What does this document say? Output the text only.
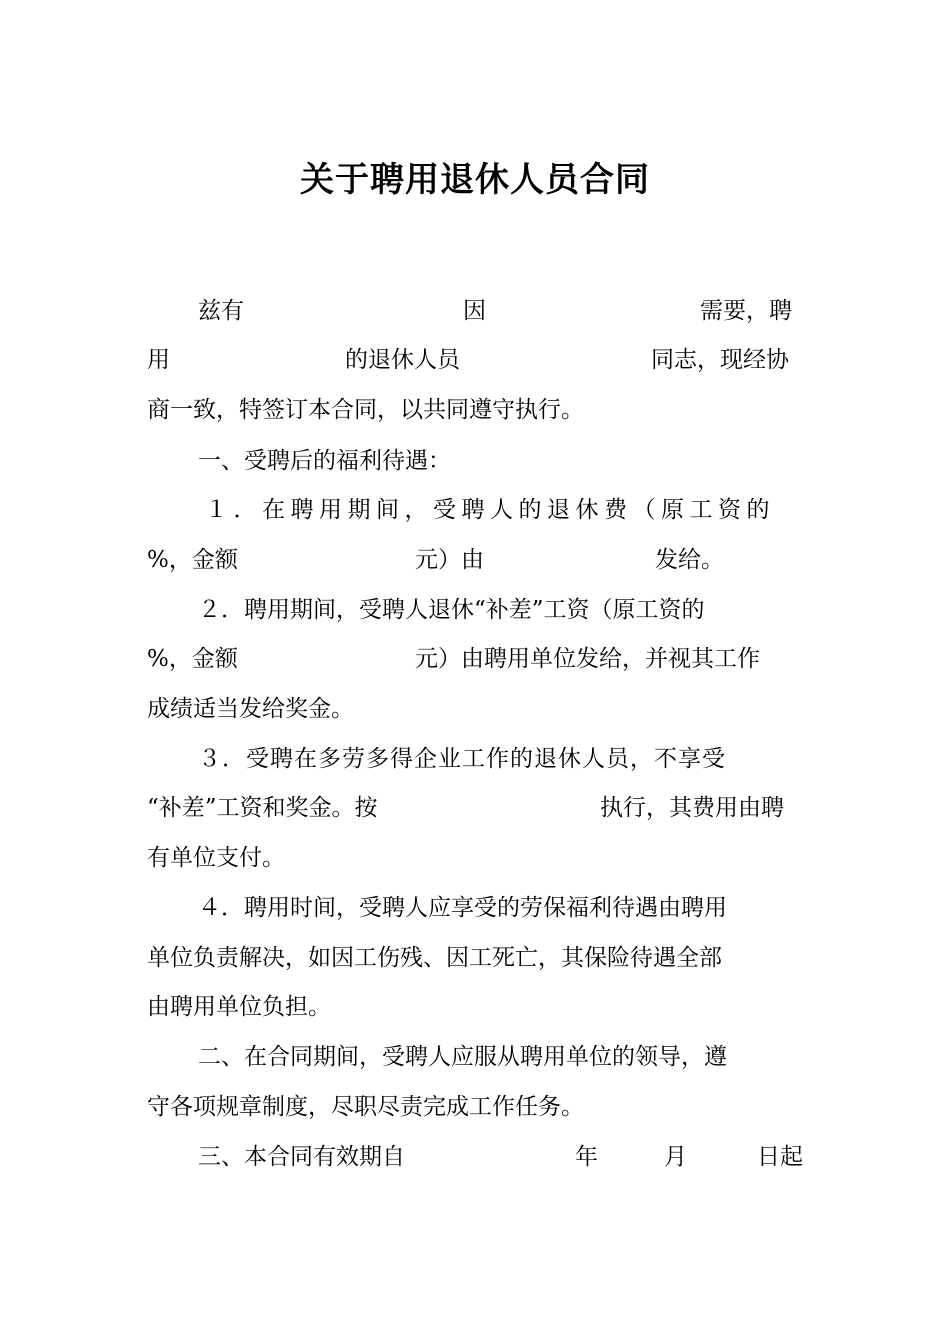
关于聘用退休人员合同
兹有	因	需要，聘
用	的退休人员	同志，现经协
商一致，特签订本合同，以共同遵守执行。
一、受聘后的福利待遇：
１．在聘用期间，受聘人的退休费（原工资的
%，金额	元）由	发给。
２．聘用期间，受聘人退休“补差”工资（原工资的
%，金额	元）由聘用单位发给，并视其工作
成绩适当发给奖金。
３．受聘在多劳多得企业工作的退休人员，不享受
“补差”工资和奖金。按	执行，其费用由聘
有单位支付。
４．聘用时间，受聘人应享受的劳保福利待遇由聘用
单位负责解决，如因工伤残、因工死亡，其保险待遇全部
由聘用单位负担。
二、在合同期间，受聘人应服从聘用单位的领导，遵
守各项规章制度，尽职尽责完成工作任务。
三、本合同有效期自	年	月	日起
